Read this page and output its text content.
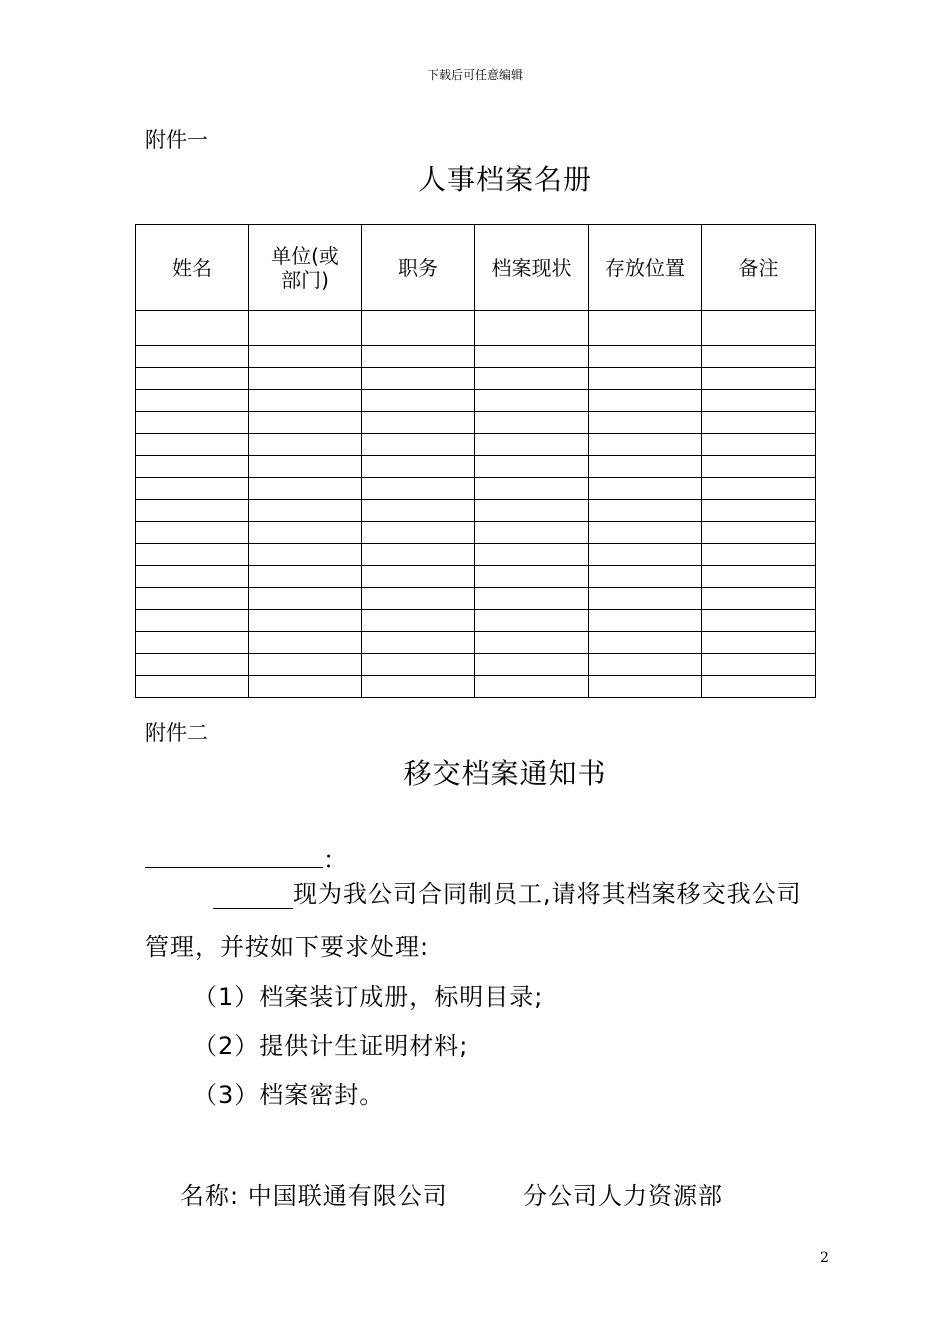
下载后可任意编辑
附件一
人事档案名册
姓名	单位(或部门)	职务	档案现状	存放位置	备注

附件二
移交档案通知书
：
现为我公司合同制员工,请将其档案移交我公司
管理，并按如下要求处理:
（1）档案装订成册，标明目录;
（2）提供计生证明材料;
（3）档案密封。
名称: 中国联通有限公司	分公司人力资源部
2
